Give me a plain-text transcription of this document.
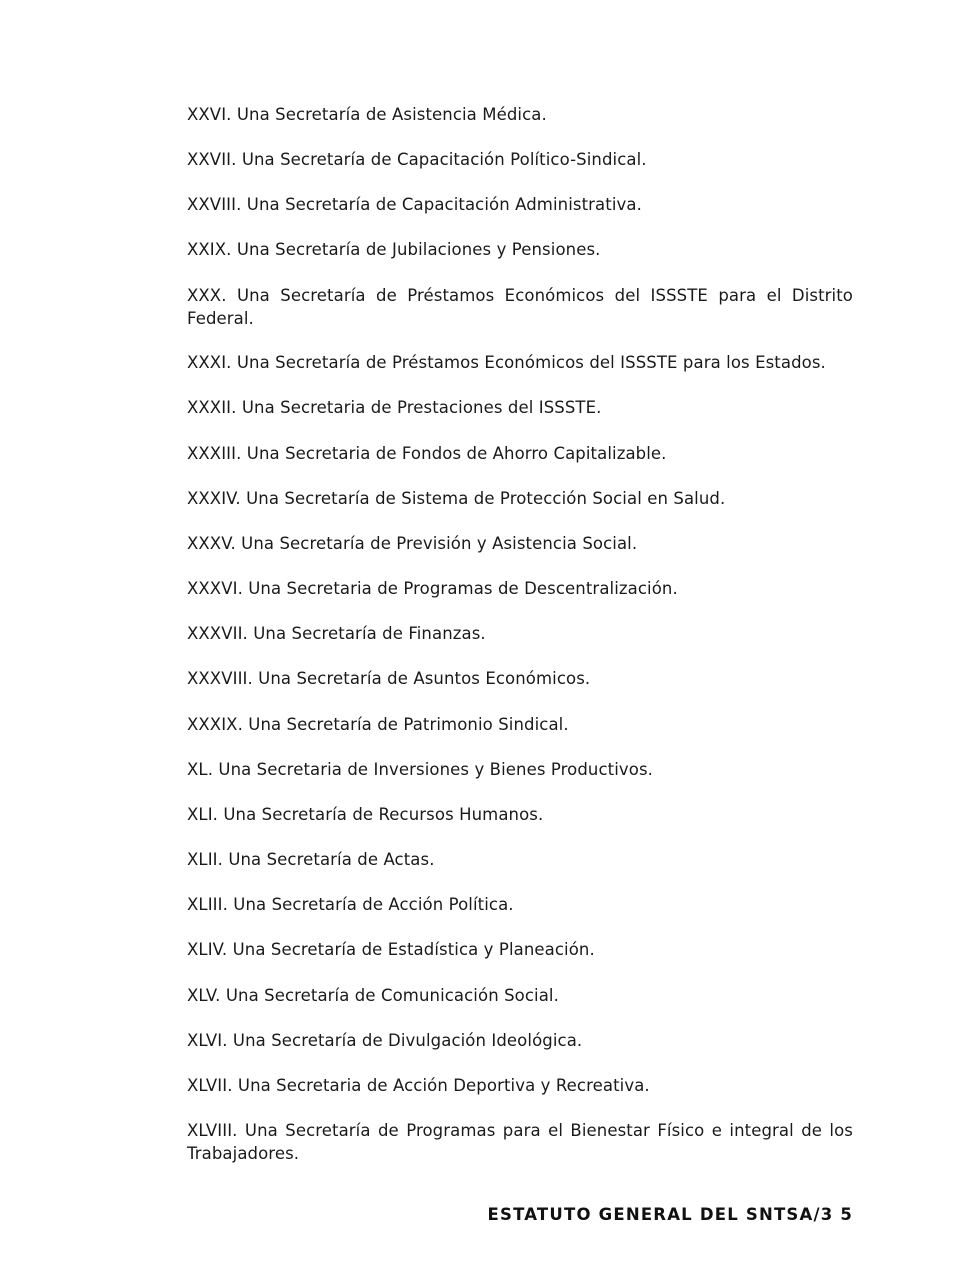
XXVI. Una Secretaría de Asistencia Médica.
XXVII. Una Secretaría de Capacitación Político-Sindical.
XXVIII. Una Secretaría de Capacitación Administrativa.
XXIX. Una Secretaría de Jubilaciones y Pensiones.
XXX. Una Secretaría de Préstamos Económicos del ISSSTE para el Distrito Federal.
XXXI. Una Secretaría de Préstamos Económicos del ISSSTE para los Estados.
XXXII. Una Secretaria de Prestaciones del ISSSTE.
XXXIII. Una Secretaria de Fondos de Ahorro Capitalizable.
XXXIV. Una Secretaría de Sistema de Protección Social en Salud.
XXXV. Una Secretaría de Previsión y Asistencia Social.
XXXVI. Una Secretaria de Programas de Descentralización.
XXXVII. Una Secretaría de Finanzas.
XXXVIII. Una Secretaría de Asuntos Económicos.
XXXIX. Una Secretaría de Patrimonio Sindical.
XL. Una Secretaria de Inversiones y Bienes Productivos.
XLI. Una Secretaría de Recursos Humanos.
XLII. Una Secretaría de Actas.
XLIII. Una Secretaría de Acción Política.
XLIV. Una Secretaría de Estadística y Planeación.
XLV. Una Secretaría de Comunicación Social.
XLVI. Una Secretaría de Divulgación Ideológica.
XLVII. Una Secretaria de Acción Deportiva y Recreativa.
XLVIII. Una Secretaría de Programas para el Bienestar Físico e integral de los Trabajadores.
ESTATUTO GENERAL DEL SNTSA/3 5
